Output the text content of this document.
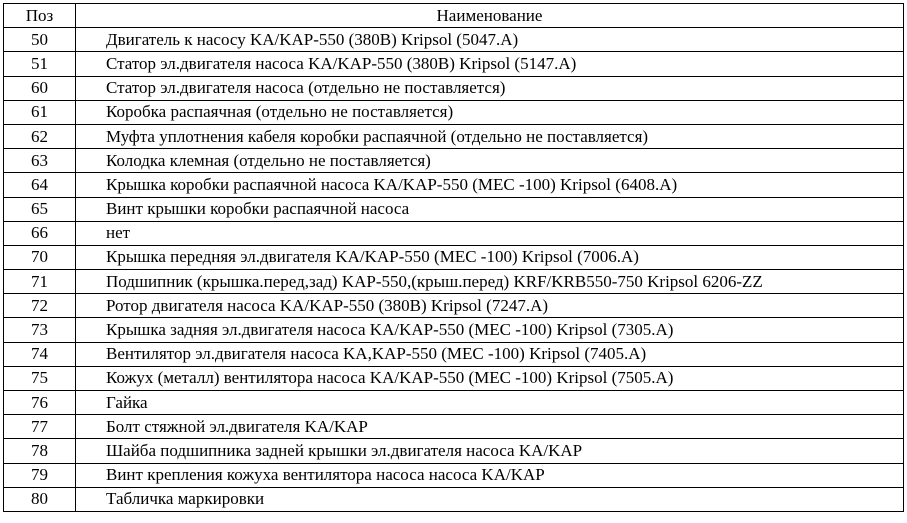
Поз	Наименование
50	Двигатель к насосу KA/KAP-550 (380В) Kripsol (5047.A)
51	Статор эл.двигателя насоса KA/KAP-550 (380В) Kripsol (5147.A)
60	Статор эл.двигателя насоса (отдельно не поставляется)
61	Коробка распаячная (отдельно не поставляется)
62	Муфта уплотнения кабеля коробки распаячной (отдельно не поставляется)
63	Колодка клемная (отдельно не поставляется)
64	Крышка коробки распаячной насоса KA/KAP-550 (MEC -100) Kripsol (6408.A)
65	Винт крышки коробки распаячной насоса
66	нет
70	Крышка передняя эл.двигателя KA/KAP-550 (MEC -100) Kripsol (7006.A)
71	Подшипник (крышка.перед,зад) KAP-550,(крыш.перед) KRF/KRB550-750 Kripsol 6206-ZZ
72	Ротор двигателя насоса KA/KAP-550 (380В) Kripsol (7247.A)
73	Крышка задняя эл.двигателя насоса KA/KAP-550 (MEC -100) Kripsol (7305.A)
74	Вентилятор эл.двигателя насоса KA,KAP-550 (MEC -100) Kripsol (7405.A)
75	Кожух (металл) вентилятора насоса KA/KAP-550 (MEC -100) Kripsol (7505.A)
76	Гайка
77	Болт стяжной эл.двигателя KA/KAP
78	Шайба подшипника задней крышки эл.двигателя насоса KA/KAP
79	Винт крепления кожуха вентилятора насоса насоса KA/KAP
80	Табличка маркировки
